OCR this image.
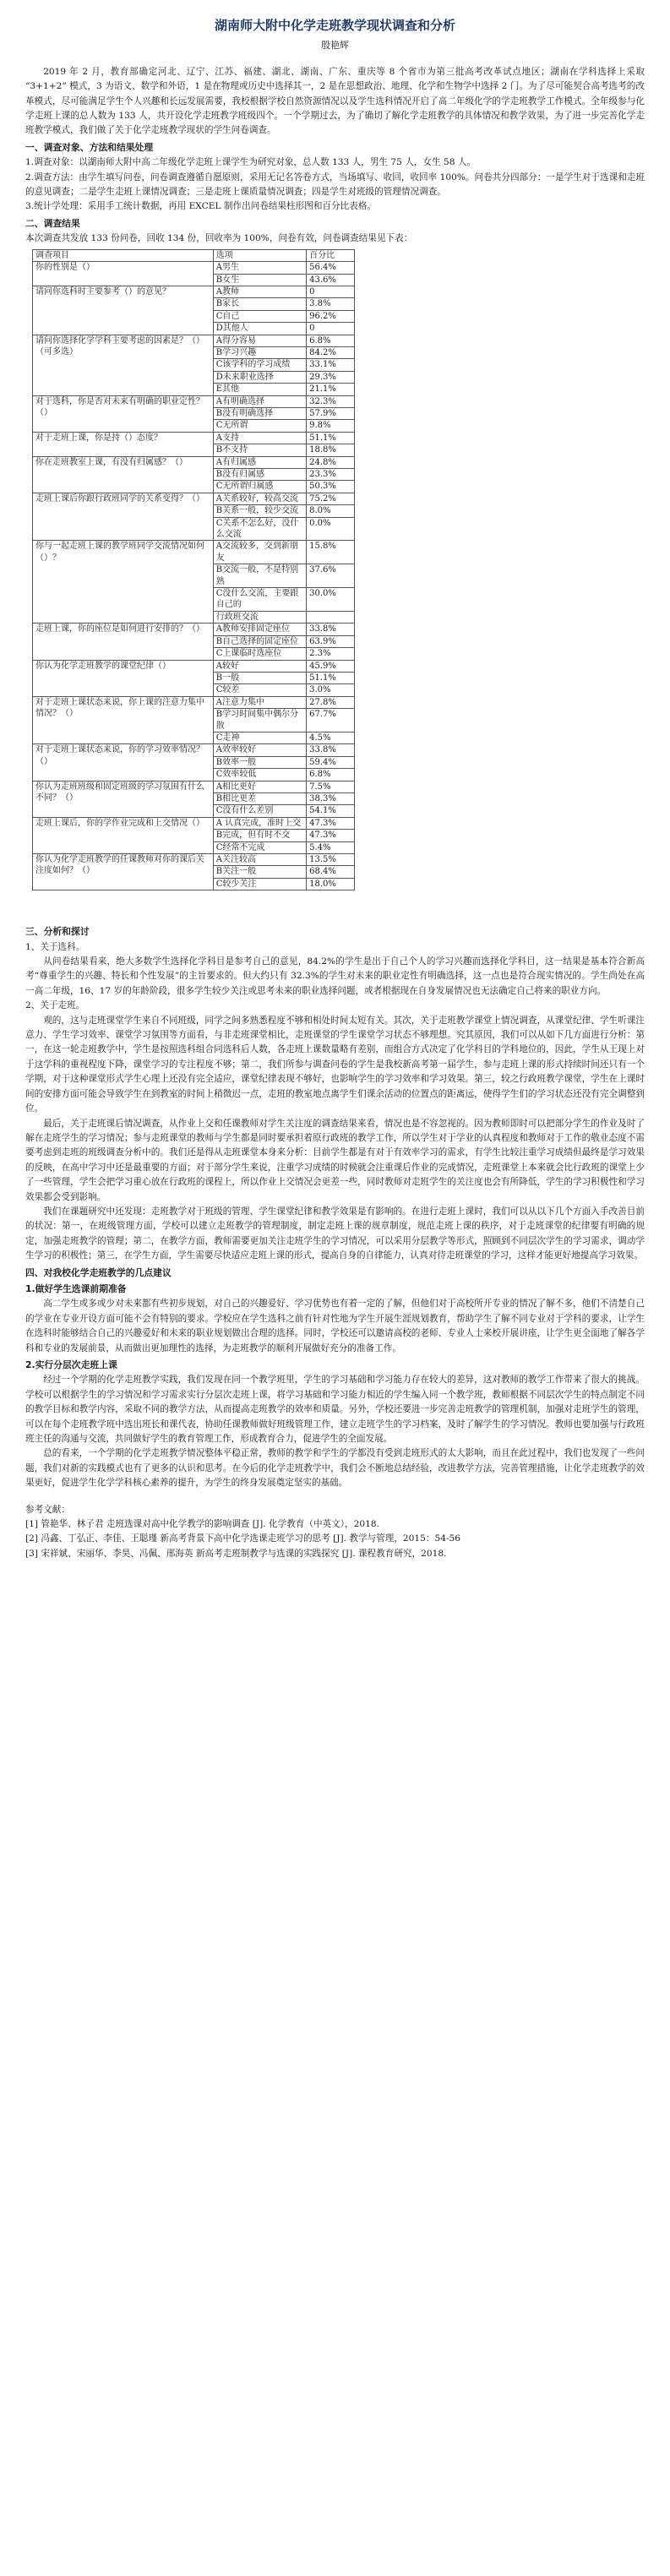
湖南师大附中化学走班教学现状调查和分析
殷艳辉

2019 年 2 月，教育部确定河北、辽宁、江苏、福建、湖北、湖南、广东、重庆等 8 个省市为第三批高考改革试点地区；湖南在学科选择上采取 “3+1+2” 模式，3 为语文、数学和外语，1 是在物理或历史中选择其一，2 是在思想政治、地理、化学和生物学中选择 2 门。为了尽可能契合高考选考的改革模式，尽可能满足学生个人兴趣和长远发展需要，我校根据学校自然资源情况以及学生选科情况开启了高二年级化学的学走班教学工作模式。全年级参与化学走班上课的总人数为 133 人，共开设化学走班教学班级四个。一个学期过去，为了确切了解化学走班教学的具体情况和教学效果，为了进一步完善化学走班教学模式，我们做了关于化学走班教学现状的学生问卷调查。

一、调查对象、方法和结果处理

1.调查对象：以湖南师大附中高二年级化学走班上课学生为研究对象，总人数 133 人，男生 75 人，女生 58 人。

2.调查方法：由学生填写问卷，问卷调查遵循自愿原则，采用无记名答卷方式，当场填写、收回，收回率 100%。问卷共分四部分：一是学生对于选课和走班的意见调查；二是学生走班上课情况调查；三是走班上课质量情况调查；四是学生对班级的管理情况调查。

3.统计学处理：采用手工统计数据，再用 EXCEL 制作出问卷结果柱形图和百分比表格。

二、调查结果

本次调查共发放 133 份问卷，回收 134 份，回收率为 100%，问卷有效，问卷调查结果见下表：

调查项目	选项	百分比
你的性别是（）	A男生	56.4%
	B女生	43.6%
请问你选科时主要参考（）的意见？	A教师	0
	B家长	3.8%
	C自己	96.2%
	D其他人	0
请问你选择化学学科主要考虑的因素是？（）（可多选）	A得分容易	6.8%
	B学习兴趣	84.2%
	C该学科的学习成绩	33.1%
	D未来职业选择	29.3%
	E其他	21.1%
对于选科，你是否对未来有明确的职业定性？（）	A有明确选择	32.3%
	B没有明确选择	57.9%
	C无所谓	9.8%
对于走班上课，你是持（）态度？	A支持	51.1%
	B不支持	18.8%
你在走班教室上课，有没有归属感？（）	A有归属感	24.8%
	B没有归属感	23.3%
	C无所谓归属感	50.3%
走班上课后你跟行政班同学的关系变得？（）	A关系较好，较高交流	75.2%
	B关系一般，较少交流	8.0%
	C关系不怎么好，没什么交流	0.0%
你与一起走班上课的教学班同学交流情况如何（）？	A交流较多，交到新朋友	15.8%
	B交流一般，不是特别熟	37.6%
	C没什么交流，主要跟自己的	30.0%
	行政班交流	
走班上课，你的座位是如何进行安排的？（）	A教师安排固定座位	33.8%
	B自己选择的固定座位	63.9%
	C上课临时选座位	2.3%
你认为化学走班教学的课堂纪律（）	A较好	45.9%
	B一般	51.1%
	C较差	3.0%
对于走班上课状态来说，你上课的注意力集中情况？（）	A注意力集中	27.8%
	B学习时间集中偶尔分散	67.7%
	C走神	4.5%
对于走班上课状态来说，你的学习效率情况？（）	A效率较好	33.8%
	B效率一般	59.4%
	C效率较低	6.8%
你认为走班班级和固定班级的学习氛围有什么不同？（）	A相比更好	7.5%
	B相比更差	38.3%
	C没有什么差别	54.1%
走班上课后，你的学作业完成和上交情况（）	A 认真完成，准时上交	47.3%
	B完成，但有时不交	47.3%
	C经常不完成	5.4%
你认为化学走班教学的任课教师对你的课后关注度如何？（）	A关注较高	13.5%
	B关注一般	68.4%
	C较少关注	18.0%
三、分析和探讨

1、关于选科。

从问卷结果看来，绝大多数学生选择化学科目是参考自己的意见，84.2%的学生是出于自己个人的学习兴趣而选择化学科目，这一结果是基本符合新高考“尊重学生的兴趣、特长和个性发展”的主旨要求的。但大约只有 32.3%的学生对未来的职业定性有明确选择，这一点也是符合现实情况的。学生尚处在高一高二年级，16、17 岁的年龄阶段，很多学生较少关注或思考未来的职业选择问题，或者根据现在自身发展情况也无法确定自己将来的职业方向。

2、关于走班。

观的，这与走班课堂学生来自不同班级，同学之间多熟悉程度不够和相处时间太短有关。其次，关于走班教学课堂上情况调查，从课堂纪律、学生听课注意力、学生学习效率、课堂学习氛围等方面看，与非走班课堂相比，走班课堂的学生课堂学习状态不够理想。究其原因，我们可以从如下几方面进行分析：第一，在这一轮走班教学中，学生是按照选科组合同选科后人数，各走班上课数量略有差别，而组合方式决定了化学科目的学科地位的，因此，学生从王现上对于这学科的重视程度下降，课堂学习的专注程度不够；第二，我们所参与调查问卷的学生是我校新高考第一届学生，参与走班上课的形式持续时间还只有一个学期，对于这种课堂形式学生心理上还没有完全适应，课堂纪律表现不够好，也影响学生的学习效率和学习效果。第三，较之行政班教学课堂，学生在上课时间的安排方面可能会导致学生在到教室的时间上稍微迟一点，走班的教室地点离学生们课余活动的位置点的距离远，使得学生们的学习状态还没有完全调整到位。

最后，关于走班课后情况调查，从作业上交和任课教师对学生关注度的调查结果来看，情况也是不容忽视的。因为教师即时可以把部分学生的作业及时了解在走班学生的学习情况；参与走班课堂的教师与学生都是同时要承担着原行政班的教学工作，所以学生对于学业的认真程度和教师对于工作的敬业态度不需要考虑到走班的班级调查分析中的。我们还是得从走班课堂本身来分析：目前学生都是有对于有效率学习的需求，有学生比较注重学习成绩但最终是学习效果的反映，在高中学习中还是最重要的方面；对于部分学生来说，注重学习成绩的时候就会注重课后作业的完成情况，走班课堂上本来就会比行政班的课堂上少了一些管理，学生会把学习重心放在行政班的课程上，所以作业上交情况会更差一些，同时教师对走班学生的关注度也会有所降低，学生的学习积极性和学习效果都会受到影响。

我们在课题研究中还发现：走班教学对于班级的管理、学生课堂纪律和教学效果是有影响的。在进行走班上课时，我们可以从以下几个方面入手改善目前的状况：第一，在班级管理方面，学校可以建立走班教学的管理制度，制定走班上课的规章制度，规范走班上课的秩序，对于走班课堂的纪律要有明确的规定，加强走班教学的管理；第二，在教学方面，教师需要更加关注走班学生的学习情况，可以采用分层教学等形式，照顾到不同层次学生的学习需求，调动学生学习的积极性；第三，在学生方面，学生需要尽快适应走班上课的形式，提高自身的自律能力，认真对待走班课堂的学习，这样才能更好地提高学习效果。

四、对我校化学走班教学的几点建议
1.做好学生选课前期准备

高二学生或多或少对未来都有些初步规划，对自己的兴趣爱好、学习优势也有着一定的了解，但他们对于高校所开专业的情况了解不多，他们不清楚自己的学业在专业开设方面可能不会有特别的要求。学校应在学生选科之前有针对性地为学生开展生涯规划教育，帮助学生了解不同专业对于学科的要求，让学生在选科时能够结合自己的兴趣爱好和未来的职业规划做出合理的选择。同时，学校还可以邀请高校的老师、专业人士来校开展讲座，让学生更全面地了解各学科和专业的发展前景，从而做出更加理性的选择，为走班教学的顺利开展做好充分的准备工作。

2.实行分层次走班上课

经过一个学期的化学走班教学实践，我们发现在同一个教学班里，学生的学习基础和学习能力存在较大的差异，这对教师的教学工作带来了很大的挑战。学校可以根据学生的学习情况和学习需求实行分层次走班上课，将学习基础和学习能力相近的学生编入同一个教学班，教师根据不同层次学生的特点制定不同的教学目标和教学内容，采取不同的教学方法，从而提高走班教学的效率和质量。另外，学校还要进一步完善走班教学的管理机制，加强对走班学生的管理，可以在每个走班教学班中选出班长和课代表，协助任课教师做好班级管理工作，建立走班学生的学习档案，及时了解学生的学习情况。教师也要加强与行政班班主任的沟通与交流，共同做好学生的教育管理工作，形成教育合力，促进学生的全面发展。

总的看来，一个学期的化学走班教学情况整体平稳正常，教师的教学和学生的学都没有受到走班形式的太大影响，而且在此过程中，我们也发现了一些问题，我们对新的实践模式也有了更多的认识和思考。在今后的化学走班教学中，我们会不断地总结经验，改进教学方法，完善管理措施，让化学走班教学的效果更好，促进学生化学学科核心素养的提升，为学生的终身发展奠定坚实的基础。

参考文献：

[1] 管艳华、林子君 走班选课对高中化学教学的影响调查 [J]. 化学教育（中英文），2018.

[2] 冯鑫、丁弘正、李佳、王聪瑾 新高考背景下高中化学选课走班学习的思考 [J]. 教学与管理，2015：54-56

[3] 宋祥斌、宋丽华、李昊、冯佩、邢海英 新高考走班制教学与选课的实践探究 [J]. 课程教育研究，2018.
